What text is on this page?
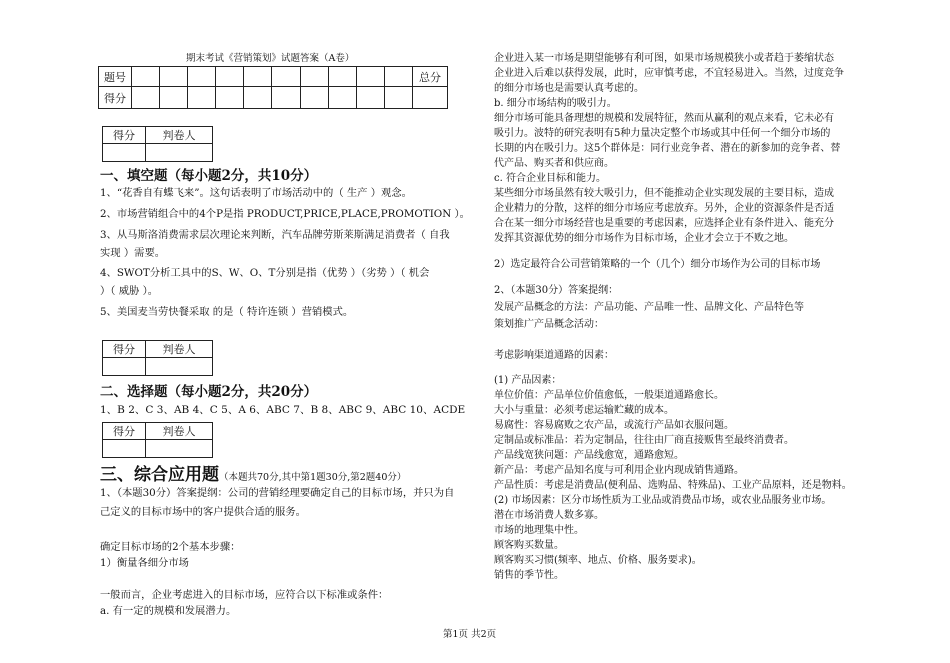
期末考试《营销策划》试题答案（A卷）
题号											总分
得分											
得分	判卷人

一、填空题（每小题2分，共10分）
1、“花香自有蝶飞来”。这句话表明了市场活动中的（ 生产 ）观念。
2、市场营销组合中的4个P是指 PRODUCT,PRICE,PLACE,PROMOTION ）。
3、从马斯洛消费需求层次理论来判断，汽车品牌劳斯莱斯满足消费者（ 自我
实现 ）需要。
4、SWOT分析工具中的S、W、O、T分别是指（优势 ）（劣势 ）（ 机会
）（ 威胁 ）。
5、美国麦当劳快餐采取 的是（ 特许连锁 ）营销模式。
得分	判卷人

二、选择题（每小题2分，共20分）
1、B 2、C 3、AB 4、C 5、A 6、ABC 7、B 8、ABC 9、ABC 10、ACDE
得分	判卷人

三、综合应用题（本题共70分,其中第1题30分,第2题40分）
1、（本题30分）答案提纲：公司的营销经理要确定自己的目标市场，并只为自
己定义的目标市场中的客户提供合适的服务。
确定目标市场的2个基本步骤：
1）衡量各细分市场
一般而言，企业考虑进入的目标市场，应符合以下标准或条件：
a. 有一定的规模和发展潜力。
企业进入某一市场是期望能够有利可图，如果市场规模狭小或者趋于萎缩状态
企业进入后难以获得发展，此时，应审慎考虑，不宜轻易进入。当然，过度竞争
的细分市场也是需要认真考虑的。
b. 细分市场结构的吸引力。
细分市场可能具备理想的规模和发展特征，然而从赢利的观点来看，它未必有
吸引力。波特的研究表明有5种力量决定整个市场或其中任何一个细分市场的
长期的内在吸引力。这5个群体是：同行业竞争者、潜在的新参加的竞争者、替
代产品、购买者和供应商。
c. 符合企业目标和能力。
某些细分市场虽然有较大吸引力，但不能推动企业实现发展的主要目标，造成
企业精力的分散，这样的细分市场应考虑放弃。另外，企业的资源条件是否适
合在某一细分市场经营也是重要的考虑因素，应选择企业有条件进入、能充分
发挥其资源优势的细分市场作为目标市场，企业才会立于不败之地。
2）选定最符合公司营销策略的一个（几个）细分市场作为公司的目标市场
2、（本题30分）答案提纲：
发展产品概念的方法：产品功能、产品唯一性、品牌文化、产品特色等
策划推广产品概念活动：
考虑影响渠道通路的因素：
(1) 产品因素：
单位价值：产品单位价值愈低，一般渠道通路愈长。
大小与重量：必须考虑运输贮藏的成本。
易腐性：容易腐败之农产品，或流行产品如衣服问题。
定制品或标准品：若为定制品，往往由厂商直接贩售至最终消费者。
产品线宽狭问题：产品线愈宽，通路愈短。
新产品：考虑产品知名度与可利用企业内现成销售通路。
产品性质：考虑是消费品(便利品、选购品、特殊品)、工业产品原料，还是物料。
(2) 市场因素：区分市场性质为工业品或消费品市场，或农业品服务业市场。
潜在市场消费人数多寡。
市场的地理集中性。
顾客购买数量。
顾客购买习惯(频率、地点、价格、服务要求)。
销售的季节性。
第1页 共2页
